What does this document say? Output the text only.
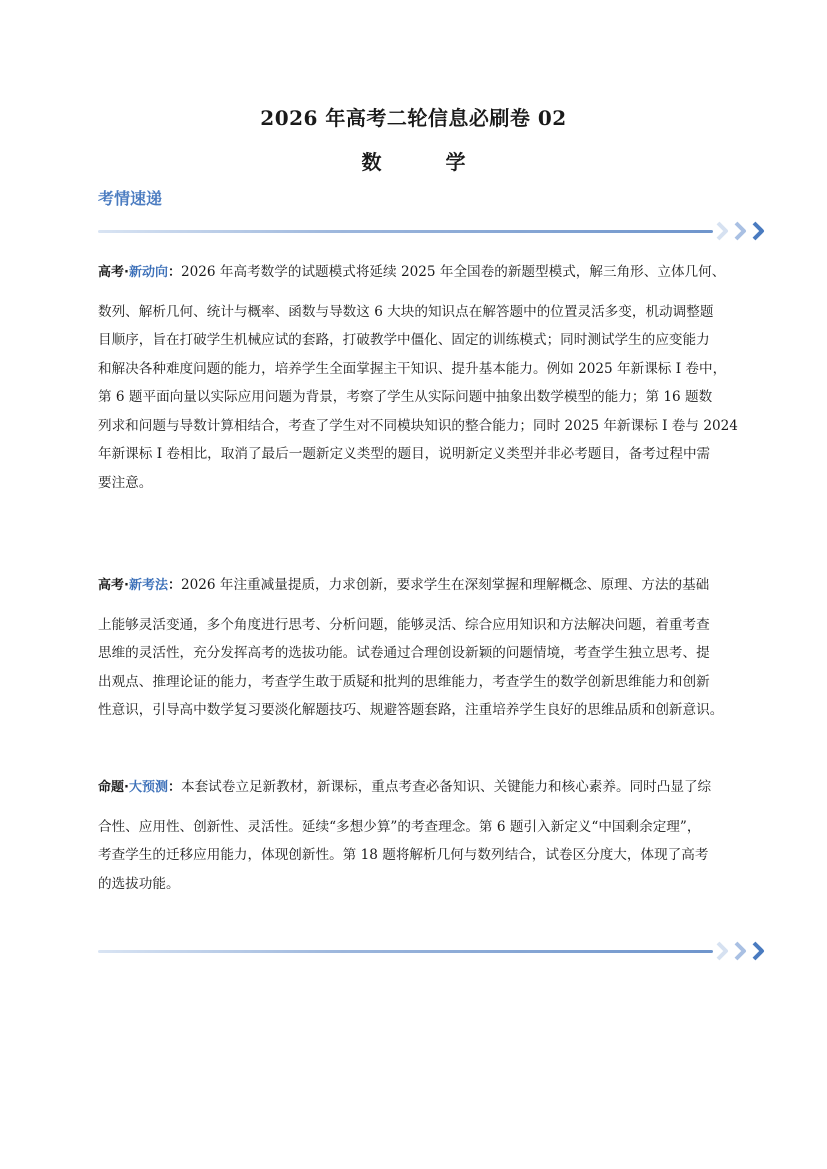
2026 年高考二轮信息必刷卷 02
数　学
考情速递
高考·新动向：2026 年高考数学的试题模式将延续 2025 年全国卷的新题型模式，解三角形、立体几何、
数列、解析几何、统计与概率、函数与导数这 6 大块的知识点在解答题中的位置灵活多变，机动调整题
目顺序，旨在打破学生机械应试的套路，打破教学中僵化、固定的训练模式；同时测试学生的应变能力
和解决各种难度问题的能力，培养学生全面掌握主干知识、提升基本能力。例如 2025 年新课标 I 卷中，
第 6 题平面向量以实际应用问题为背景，考察了学生从实际问题中抽象出数学模型的能力；第 16 题数
列求和问题与导数计算相结合，考查了学生对不同模块知识的整合能力；同时 2025 年新课标 I 卷与 2024
年新课标 I 卷相比，取消了最后一题新定义类型的题目，说明新定义类型并非必考题目，备考过程中需
要注意。
高考·新考法：2026 年注重减量提质，力求创新，要求学生在深刻掌握和理解概念、原理、方法的基础
上能够灵活变通，多个角度进行思考、分析问题，能够灵活、综合应用知识和方法解决问题，着重考查
思维的灵活性，充分发挥高考的选拔功能。试卷通过合理创设新颖的问题情境，考查学生独立思考、提
出观点、推理论证的能力，考查学生敢于质疑和批判的思维能力，考查学生的数学创新思维能力和创新
性意识，引导高中数学复习要淡化解题技巧、规避答题套路，注重培养学生良好的思维品质和创新意识。
命题·大预测：本套试卷立足新教材，新课标，重点考查必备知识、关键能力和核心素养。同时凸显了综
合性、应用性、创新性、灵活性。延续“多想少算”的考查理念。第 6 题引入新定义“中国剩余定理”，
考查学生的迁移应用能力，体现创新性。第 18 题将解析几何与数列结合，试卷区分度大，体现了高考
的选拔功能。
